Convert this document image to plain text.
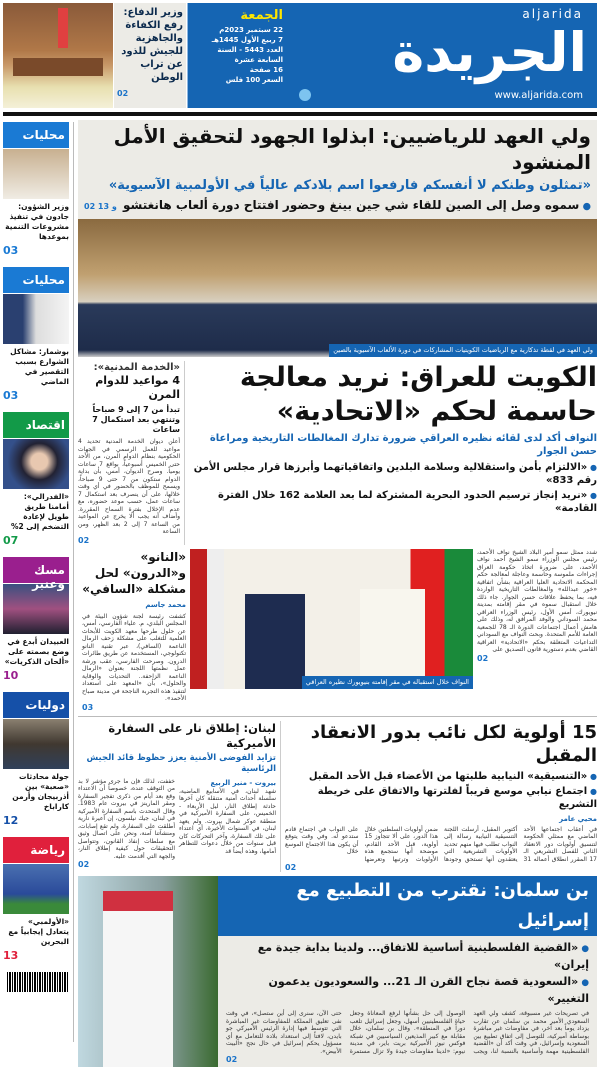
وزير الدفاع: رفع الكفاءة والجاهزية للجيش للذود عن تراب الوطن
02
الجمعة
22 سبتمبر 2023م
7 ربيع الأول 1445هـ
العدد 5443 - السنة السابعة عشرة
16 صفحة
السعر 100 فلس
aljarida
الجريدة
www.aljarida.com
محليات
وزير الشؤون: جادون في تنفيذ مشروعات التنمية بموعدها
03
محليات
بوشمار: مشاكل الشوارع بسبب التقصير في الماضي
03
اقتصاد
«الفدرالي»: أمامنا طريق طويل لإعادة التضخم إلى 2%
07
مسك وعنبر
العبيدان أبدع في وضع بصمته على «ألحان الذكريات»
10
دوليات
جولة محادثات «صعبة» بين أذربيجان وأرمن كاراباخ
12
رياضة
«الأولمبي» يتعادل إيجابياً مع البحرين
13
ولي العهد للرياضيين: ابذلوا الجهود لتحقيق الأمل المنشود
«تمثلون وطنكم لا أنفسكم فارفعوا اسم بلادكم عالياً في الأولمبية الآسيوية»
● سموه وصل إلى الصين للقاء شي جين بينغ وحضور افتتاح دورة ألعاب هانغتشو
02 و 13
ولي العهد في لقطة تذكارية مع الرياضيات الكويتيات المشاركات في دورة الألعاب الآسيوية بالصين
الكويت للعراق: نريد معالجة حاسمة لحكم «الاتحادية»
النواف أكد لدى لقائه نظيره العراقي ضرورة تدارك المغالطات التاريخية ومراعاة حسن الجوار
● «الالتزام بأمن واستقلالية وسلامة البلدين واتفاقياتهما وأبرزها قرار مجلس الأمن رقم 833»
● «نريد إنجاز ترسيم الحدود البحرية المشتركة لما بعد العلامة 162 خلال الفترة القادمة»
«الخدمة المدنية»:
4 مواعيد للدوام المرن
تبدأ من 7 إلى 9 صباحاً وتنتهي بعد استكمال 7 ساعات
أعلن ديوان الخدمة المدنية تحديد 4 مواعيد للعمل الرسمي في الجهات الحكومية بنظام الدوام المرن، من الأحد حتى الخميس أسبوعياً، بواقع 7 ساعات يومياً. وصرح الديوان، أمس، بأن بداية الدوام ستكون من 7 حتى 9 صباحاً، ويسمح للموظف بالحضور في أي وقت خلالها، على أن ينصرف بعد استكمال 7 ساعات عمل، حسب موعد حضوره، مع عدم الإخلال بفترة السماح المقررة. وأضاف أنه يجب ألا يخرج عن المواعيد من الساعة 7 إلى 2 بعد الظهر، ومن الساعة
02
شدد ممثل سمو أمير البلاد الشيخ نواف الأحمد، رئيس مجلس الوزراء سمو الشيخ أحمد نواف الأحمد، على ضرورة اتخاذ حكومة العراق إجراءات ملموسة وحاسمة وعاجلة لمعالجة حكم المحكمة الاتحادية العليا العراقية بشأن اتفاقية «خور عبدالله» والمغالطات التاريخية الواردة فيه، بما يحفظ علاقات حسن الجوار. جاء ذلك خلال استقبال سموه في مقر إقامته بمدينة نيويورك، أمس الأول، رئيس الوزراء العراقي محمد السوداني والوفد المرافق له، وذلك على هامش أعمال اجتماعات الدورة الـ 78 للجمعية العامة للأمم المتحدة. وبحث النواف مع السوداني التداعيات المتعلقة بحكم «الاتحادية» العراقية القاضي بعدم دستورية قانون التصديق على
02
النواف خلال استقباله في مقر إقامته بنيويورك نظيره العراقي
«النانو» و«الدرون» لحل مشكلة «السافي»
محمد جاسم
كشفت رئيسة لجنة شؤون البيئة في المجلس البلدي، م. علياء الفارسي، أمس، عن حلول طرحها معهد الكويت للأبحاث العلمية للتغلب على مشكلة زحف الرمال الناعمة (السافي)، عبر تقنية النانو تكنولوجي، المستخدمة عن طريق طائرات الدرون. وصرحت الفارسي، عقب ورشة عمل نظمتها اللجنة بعنوان «الرمال الناعمة الزاحفة.. التحديات والوقاية والحلول»، بأن «المعهد على استعداد لتنفيذ هذه التجربة الناجحة في مدينة صباح الأحمد».
03
15 أولوية لكل نائب بدور الانعقاد المقبل
● «التنسيقية» النيابية طلبتها من الأعضاء قبل الأحد المقبل
● اجتماع نيابي موسع قريباً لفلترتها والاتفاق على خريطة التشريع
محيي عامر
في أعقاب اجتماعها الأحد الماضي مع ممثلي الحكومة لتنسيق أولويات دور الانعقاد الثاني للفصل التشريعي الـ 17 المقرر انطلاق أعماله 31 أكتوبر المقبل، أرسلت اللجنة التنسيقية النيابية رسالة إلى النواب تطلب فيها منهم تحديد الأولويات التشريعية التي يعتقدون أنها تستحق وجودها ضمن أولويات السلطتين خلال هذا الدور، على ألا تتجاوز 15 أولوية، قبل الأحد القادم، موضحة أنها ستجمع هذه الأولويات وترتبها وتعرضها على النواب في اجتماع قادم ستدعو له. وفي وقت يتوقع أن يكون هذا الاجتماع الموسع خلال
02
لبنان: إطلاق نار على السفارة الأميركية
تزايد الفوضى الأمنية يعزز حظوظ قائد الجيش الرئاسية
بيروت - منير الربيع
شهد لبنان، في الأسابيع الماضية، سلسلة أحداث أمنية متنقلة كان آخرها حادثة إطلاق النار، ليل الأربعاء - الخميس، على السفارة الأميركية في منطقة عوكر شمال بيروت. ولم يعهد لبنان، في السنوات الأخيرة، أي اعتداء على تلك السفارة، وآخر التحركات كان قبل سنوات من خلال دعوات للتظاهر أمامها، وهذه أيضاً قد
خففت، لذلك فإن ما جرى مؤشر لا بد من التوقف عنده، خصوصاً أن الاعتداء وقع بعد أيام من ذكرى تفجير السفارة ومقر المارينز في بيروت عام 1983. وقال المتحدث باسم السفارة الأميركية في لبنان، جيك نيلسون، إن أعيرة نارية أطلقت على السفارة، ولم تقع إصابات، ومنشآتنا آمنة، ونحن على اتصال وثيق مع سلطات إنفاذ القانون، وتتواصل التحقيقات حول كيفية إطلاق النار، والجهة التي أقدمت عليه.
02
بن سلمان: نقترب من التطبيع مع إسرائيل
● «القضية الفلسطينية أساسية للاتفاق... ولدينا بداية جيدة مع إيران»
● «السعودية قصة نجاح القرن الـ 21... والسعوديون يدعمون التغيير»
في تصريحات غير مسبوقة، كشف ولي العهد السعودي الأمير محمد بن سلمان عن تقارب يزداد يوماً بعد آخر، في مفاوضات غير مباشرة بوساطة أميركية، للتوصل إلى اتفاق تطبيع بين السعودية وإسرائيل، في وقت أكد أن «القضية الفلسطينية مهمة وأساسية بالنسبة لنا، ويجب الوصول إلى حل بشأنها لرفع المعاناة وجعل حياة الفلسطينيين أسهل، وجعل إسرائيل تلعب دوراً في المنطقة». وقال بن سلمان، خلال مقابلة مع كبير المذيعين السياسيين في شبكة فوكس نيوز الأميركية بريت باير، في مدينة نيوم: «لدينا مفاوضات جيدة ولا تزال مستمرة حتى الآن، سنرى إلى أين ستصل»، في وقت نفى تعليق المملكة للمفاوضات غير المباشرة التي تتوسط فيها إدارة الرئيس الأميركي جو بايدن، لافتاً إلى استعداد بلاده للتعامل مع أي مسؤول يحكم إسرائيل في حال نجح «البيت الأبيض».
02
